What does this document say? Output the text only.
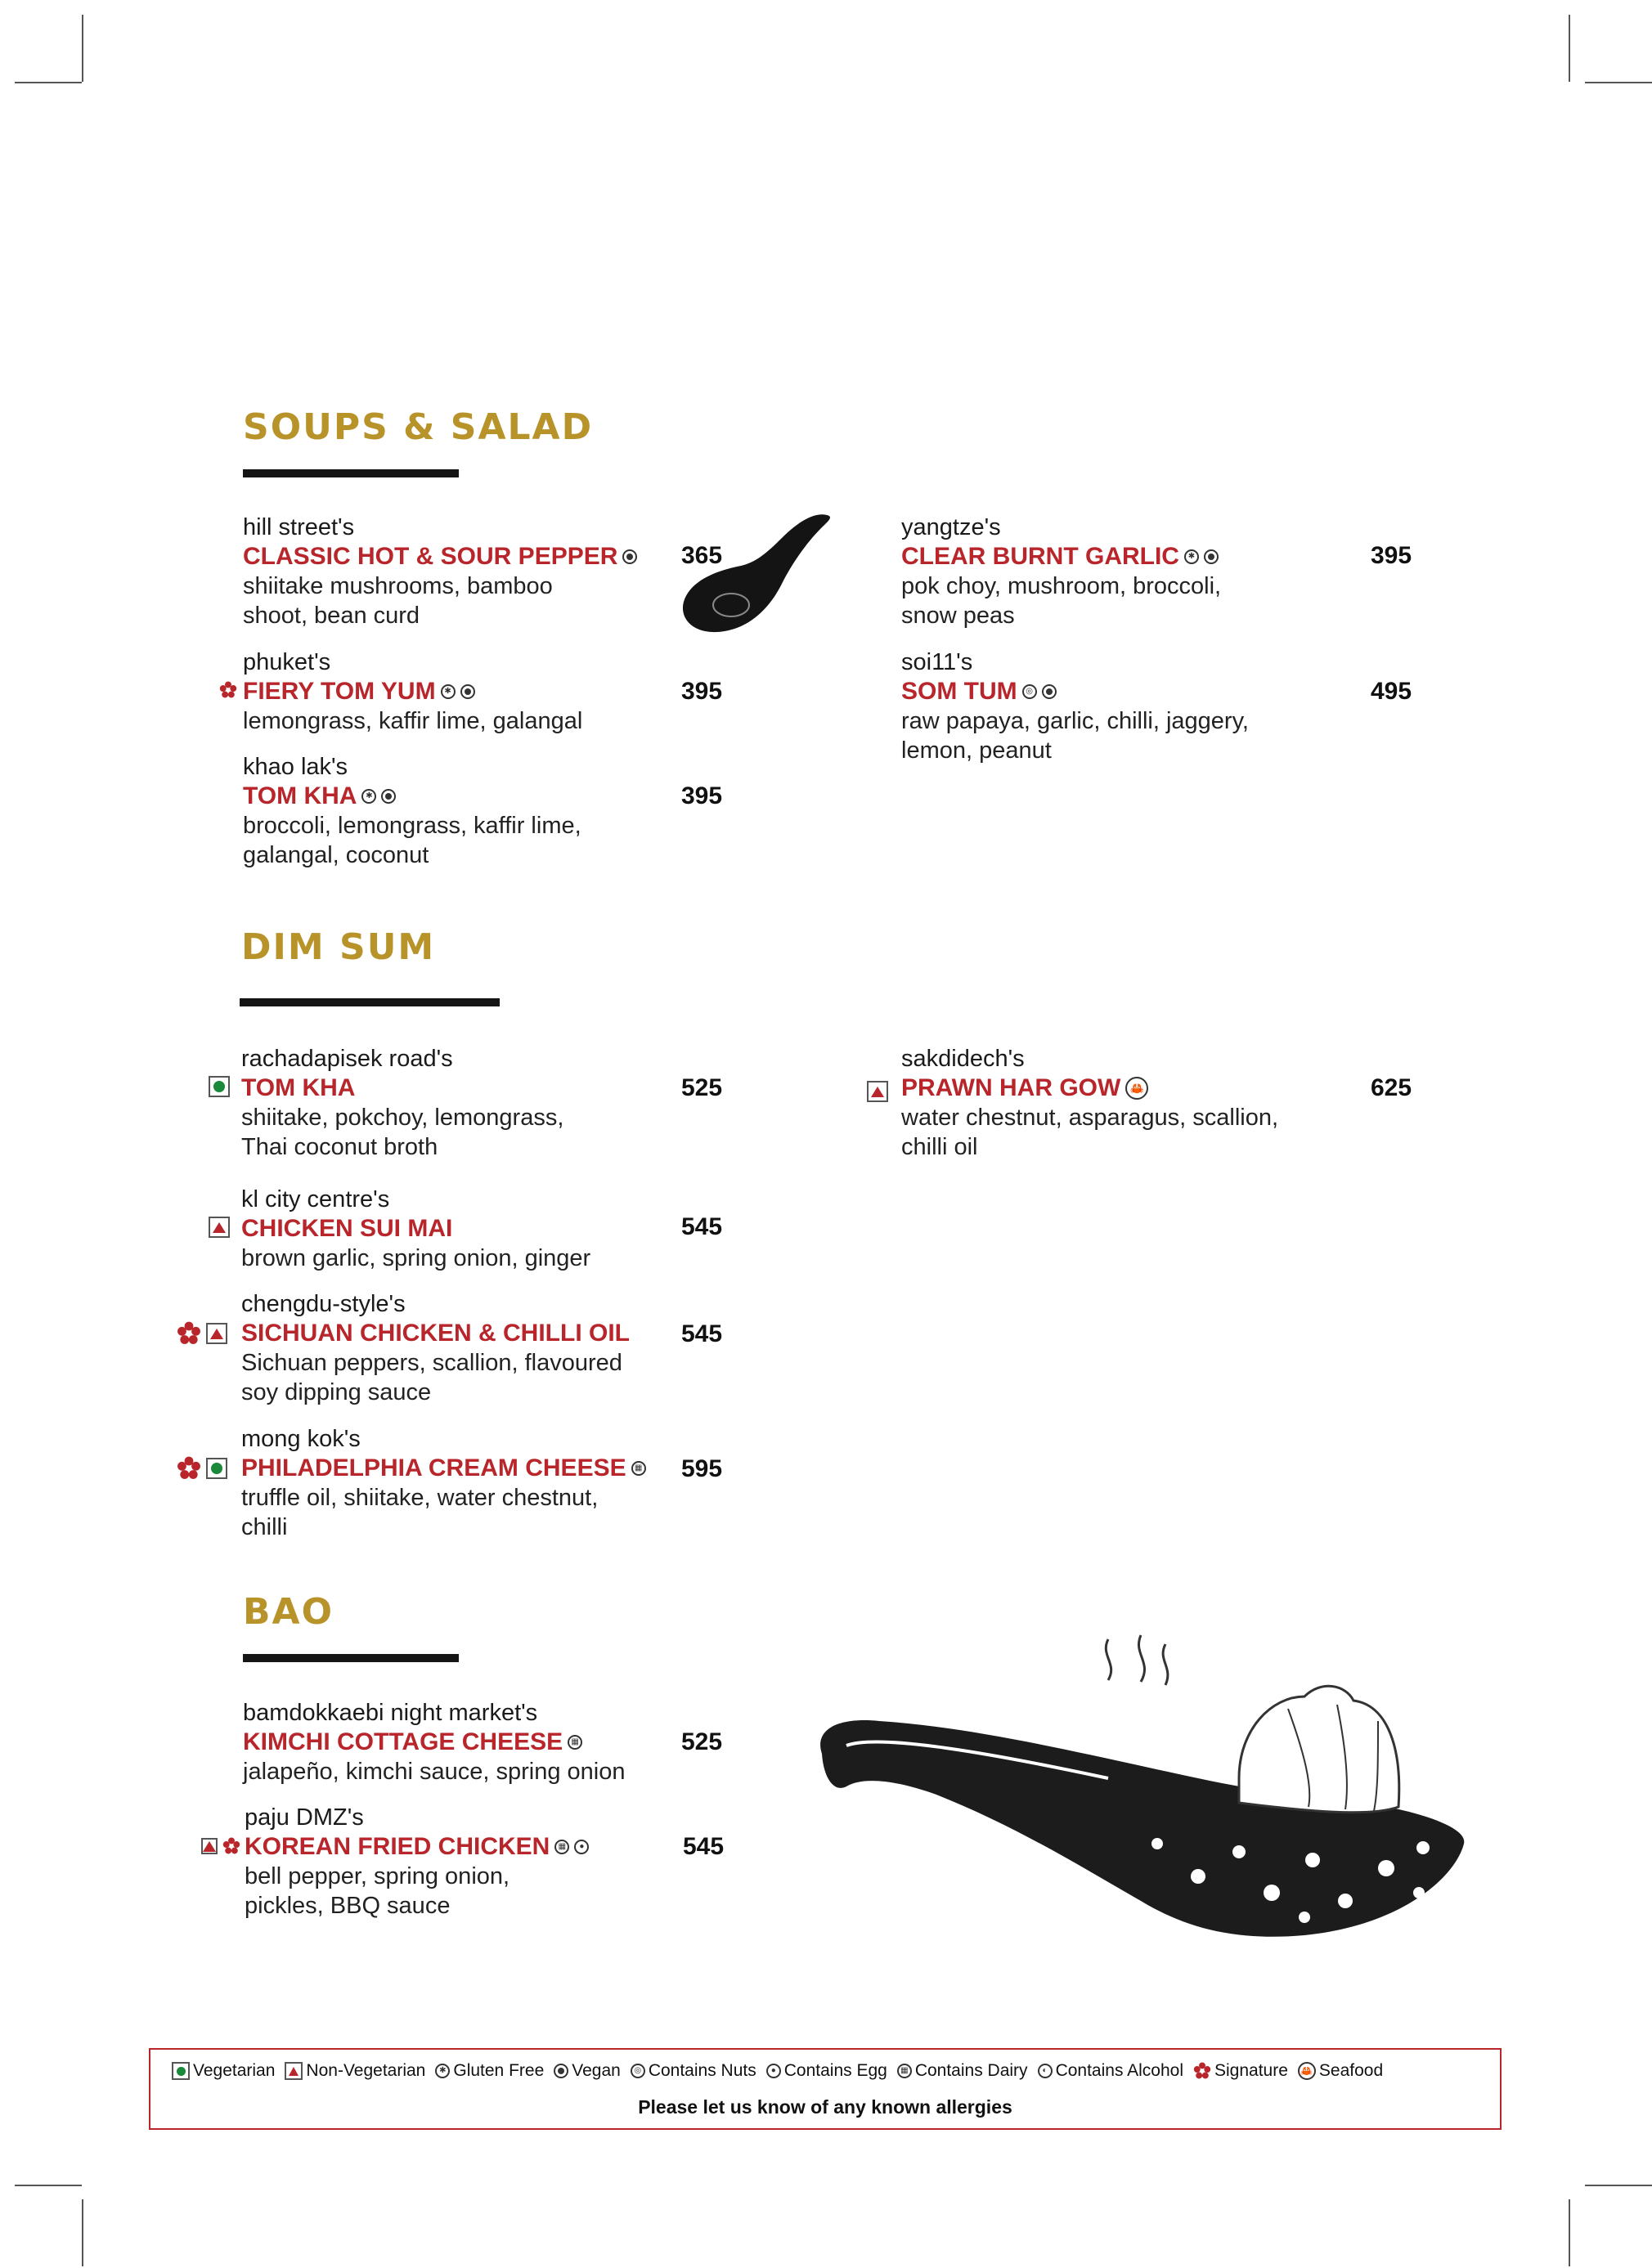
SOUPS & SALAD
hill street's
CLASSIC HOT & SOUR PEPPER
shiitake mushrooms, bamboo
shoot, bean curd
365
phuket's
FIERY TOM YUM	✱
lemongrass, kaffir lime, galangal
395
khao lak's
TOM KHA	✱
broccoli, lemongrass, kaffir lime,
galangal, coconut
395
yangtze's
CLEAR BURNT GARLIC	✱
pok choy, mushroom, broccoli,
snow peas
395
soi11's
SOM TUM	◎
raw papaya, garlic, chilli, jaggery,
lemon, peanut
495
DIM SUM
rachadapisek road's
TOM KHA
shiitake, pokchoy, lemongrass,
Thai coconut broth
525
kl city centre's
CHICKEN SUI MAI
brown garlic, spring onion, ginger
545
chengdu-style's
SICHUAN CHICKEN & CHILLI OIL
Sichuan peppers, scallion, flavoured
soy dipping sauce
545
mong kok's
PHILADELPHIA CREAM CHEESE	▦
truffle oil, shiitake, water chestnut,
chilli
595
sakdidech's
PRAWN HAR GOW 🦀
water chestnut, asparagus, scallion,
chilli oil
625
BAO
bamdokkaebi night market's
KIMCHI COTTAGE CHEESE	▦
jalapeño, kimchi sauce, spring onion
525
paju DMZ's
KOREAN FRIED CHICKEN	▦	●
bell pepper, spring onion,
pickles, BBQ sauce
545
Vegetarian Non-Vegetarian	✱ Gluten Free Vegan	◎ Contains Nuts	● Contains Egg	▦ Contains Dairy	◐ Contains Alcohol Signature 🦀 Seafood
Please let us know of any known allergies
